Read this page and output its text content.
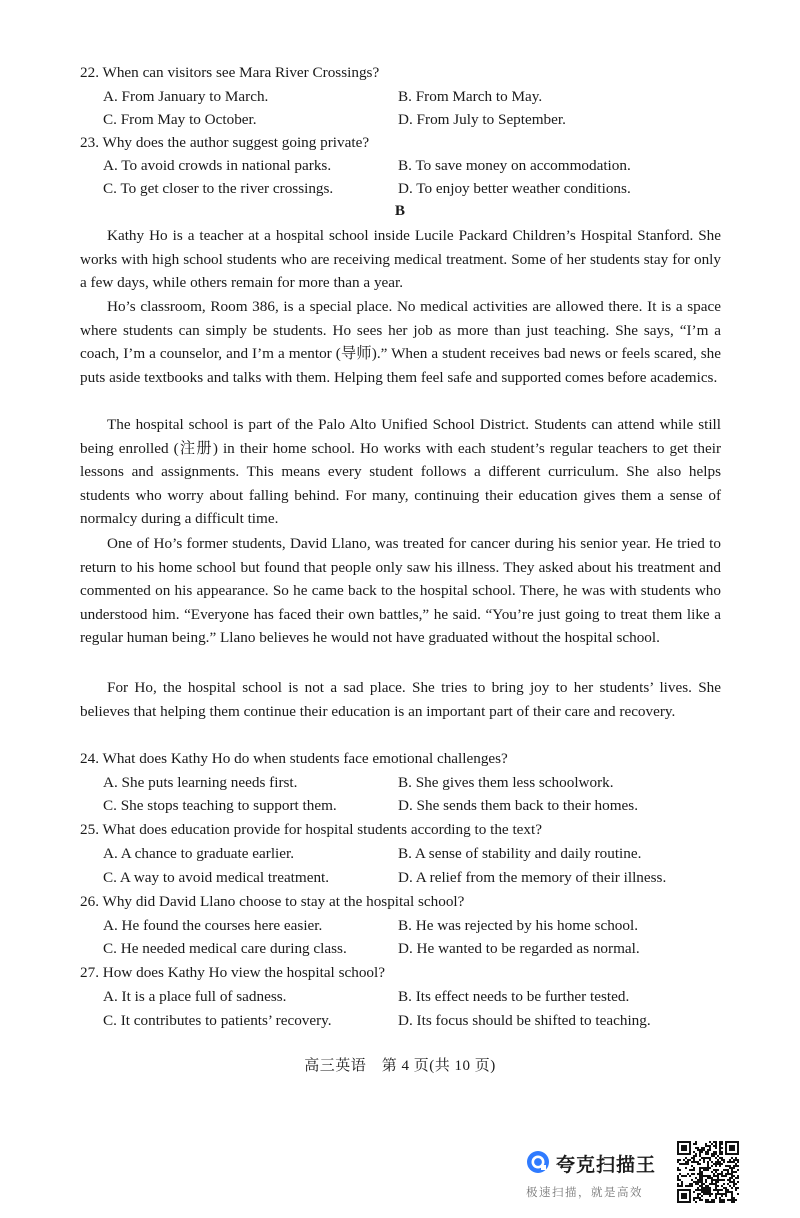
22. When can visitors see Mara River Crossings?
A. From January to March.	B. From March to May.
C. From May to October.	D. From July to September.
23. Why does the author suggest going private?
A. To avoid crowds in national parks.	B. To save money on accommodation.
C. To get closer to the river crossings.	D. To enjoy better weather conditions.
B
Kathy Ho is a teacher at a hospital school inside Lucile Packard Children’s Hospital Stanford. She works with high school students who are receiving medical treatment. Some of her students stay for only a few days, while others remain for more than a year.
Ho’s classroom, Room 386, is a special place. No medical activities are allowed there. It is a space where students can simply be students. Ho sees her job as more than just teaching. She says, “I’m a coach, I’m a counselor, and I’m a mentor (导师).” When a student receives bad news or feels scared, she puts aside textbooks and talks with them. Helping them feel safe and supported comes before academics.
The hospital school is part of the Palo Alto Unified School District. Students can attend while still being enrolled (注册) in their home school. Ho works with each student’s regular teachers to get their lessons and assignments. This means every student follows a different curriculum. She also helps students who worry about falling behind. For many, continuing their education gives them a sense of normalcy during a difficult time.
One of Ho’s former students, David Llano, was treated for cancer during his senior year. He tried to return to his home school but found that people only saw his illness. They asked about his treatment and commented on his appearance. So he came back to the hospital school. There, he was with students who understood him. “Everyone has faced their own battles,” he said. “You’re just going to treat them like a regular human being.” Llano believes he would not have graduated without the hospital school.
For Ho, the hospital school is not a sad place. She tries to bring joy to her students’ lives. She believes that helping them continue their education is an important part of their care and recovery.
24. What does Kathy Ho do when students face emotional challenges?
A. She puts learning needs first.	B. She gives them less schoolwork.
C. She stops teaching to support them.	D. She sends them back to their homes.
25. What does education provide for hospital students according to the text?
A. A chance to graduate earlier.	B. A sense of stability and daily routine.
C. A way to avoid medical treatment.	D. A relief from the memory of their illness.
26. Why did David Llano choose to stay at the hospital school?
A. He found the courses here easier.	B. He was rejected by his home school.
C. He needed medical care during class.	D. He wanted to be regarded as normal.
27. How does Kathy Ho view the hospital school?
A. It is a place full of sadness.	B. Its effect needs to be further tested.
C. It contributes to patients’ recovery.	D. Its focus should be shifted to teaching.
高三英语　第 4 页(共 10 页)
夸克扫描王
极速扫描，就是高效
